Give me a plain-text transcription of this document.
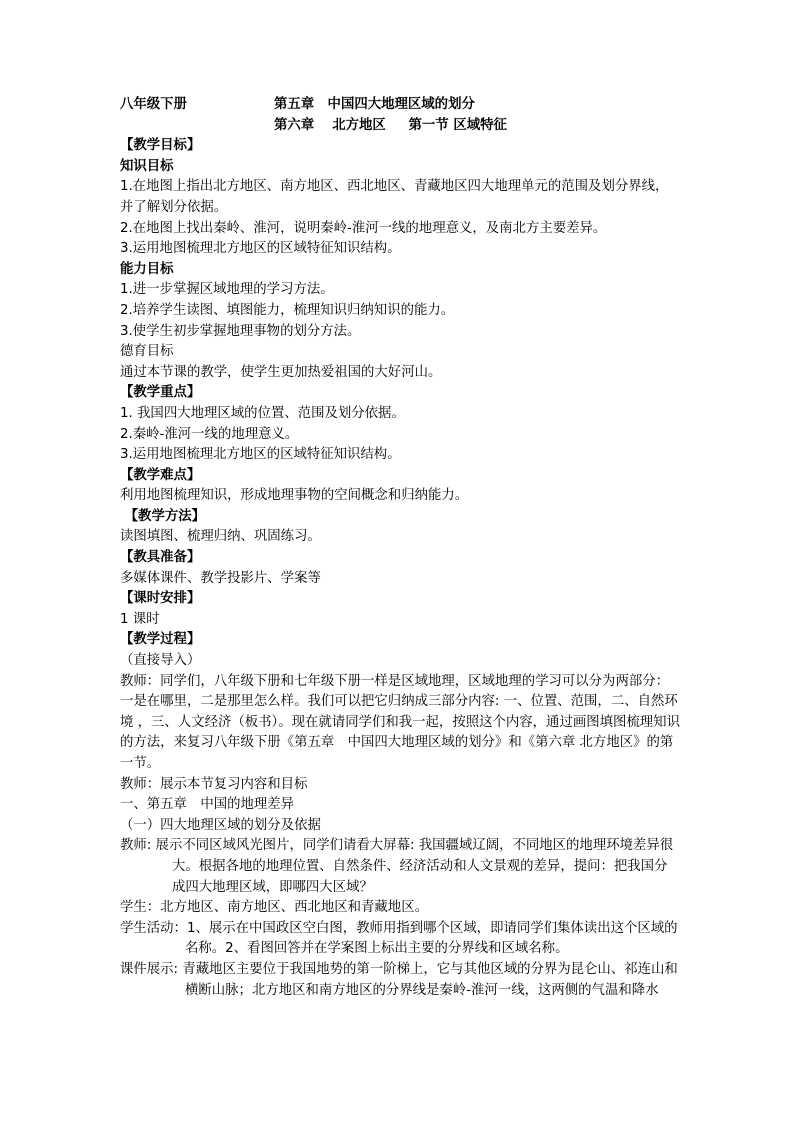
八年级下册	第五章　中国四大地理区域的划分
第六章　 北方地区 　 第一节 区域特征
【教学目标】
知识目标
1.在地图上指出北方地区、南方地区、西北地区、青藏地区四大地理单元的范围及划分界线，并了解划分依据。
2.在地图上找出秦岭、淮河，说明秦岭-淮河一线的地理意义，及南北方主要差异。
3.运用地图梳理北方地区的区域特征知识结构。
能力目标
1.进一步掌握区域地理的学习方法。
2.培养学生读图、填图能力，梳理知识归纳知识的能力。
3.使学生初步掌握地理事物的划分方法。
德育目标
通过本节课的教学，使学生更加热爱祖国的大好河山。
【教学重点】
1. 我国四大地理区域的位置、范围及划分依据。
2.秦岭-淮河一线的地理意义。
3.运用地图梳理北方地区的区域特征知识结构。
【教学难点】
利用地图梳理知识，形成地理事物的空间概念和归纳能力。
【教学方法】
读图填图、梳理归纳、巩固练习。
【教具准备】
多媒体课件、教学投影片、学案等
【课时安排】
1 课时
【教学过程】
（直接导入）
教师：同学们，八年级下册和七年级下册一样是区域地理，区域地理的学习可以分为两部分：一是在哪里，二是那里怎么样。我们可以把它归纳成三部分内容: 一、位置、范围，二、自然环境 ，三、人文经济（板书）。现在就请同学们和我一起，按照这个内容，通过画图填图梳理知识的方法，来复习八年级下册《第五章　中国四大地理区域的划分》和《第六章 北方地区》的第一节。
教师：展示本节复习内容和目标
一、第五章　中国的地理差异
（一）四大地理区域的划分及依据
教师: 展示不同区域风光图片，同学们请看大屏幕: 我国疆域辽阔，不同地区的地理环境差异很大。根据各地的地理位置、自然条件、经济活动和人文景观的差异，提问：把我国分成四大地理区域，即哪四大区域？
学生：北方地区、南方地区、西北地区和青藏地区。
学生活动：1、展示在中国政区空白图，教师用指到哪个区域，即请同学们集体读出这个区域的名称。2、看图回答并在学案图上标出主要的分界线和区域名称。
课件展示: 青藏地区主要位于我国地势的第一阶梯上，它与其他区域的分界为昆仑山、祁连山和横断山脉；北方地区和南方地区的分界线是秦岭-淮河一线，这两侧的气温和降水
